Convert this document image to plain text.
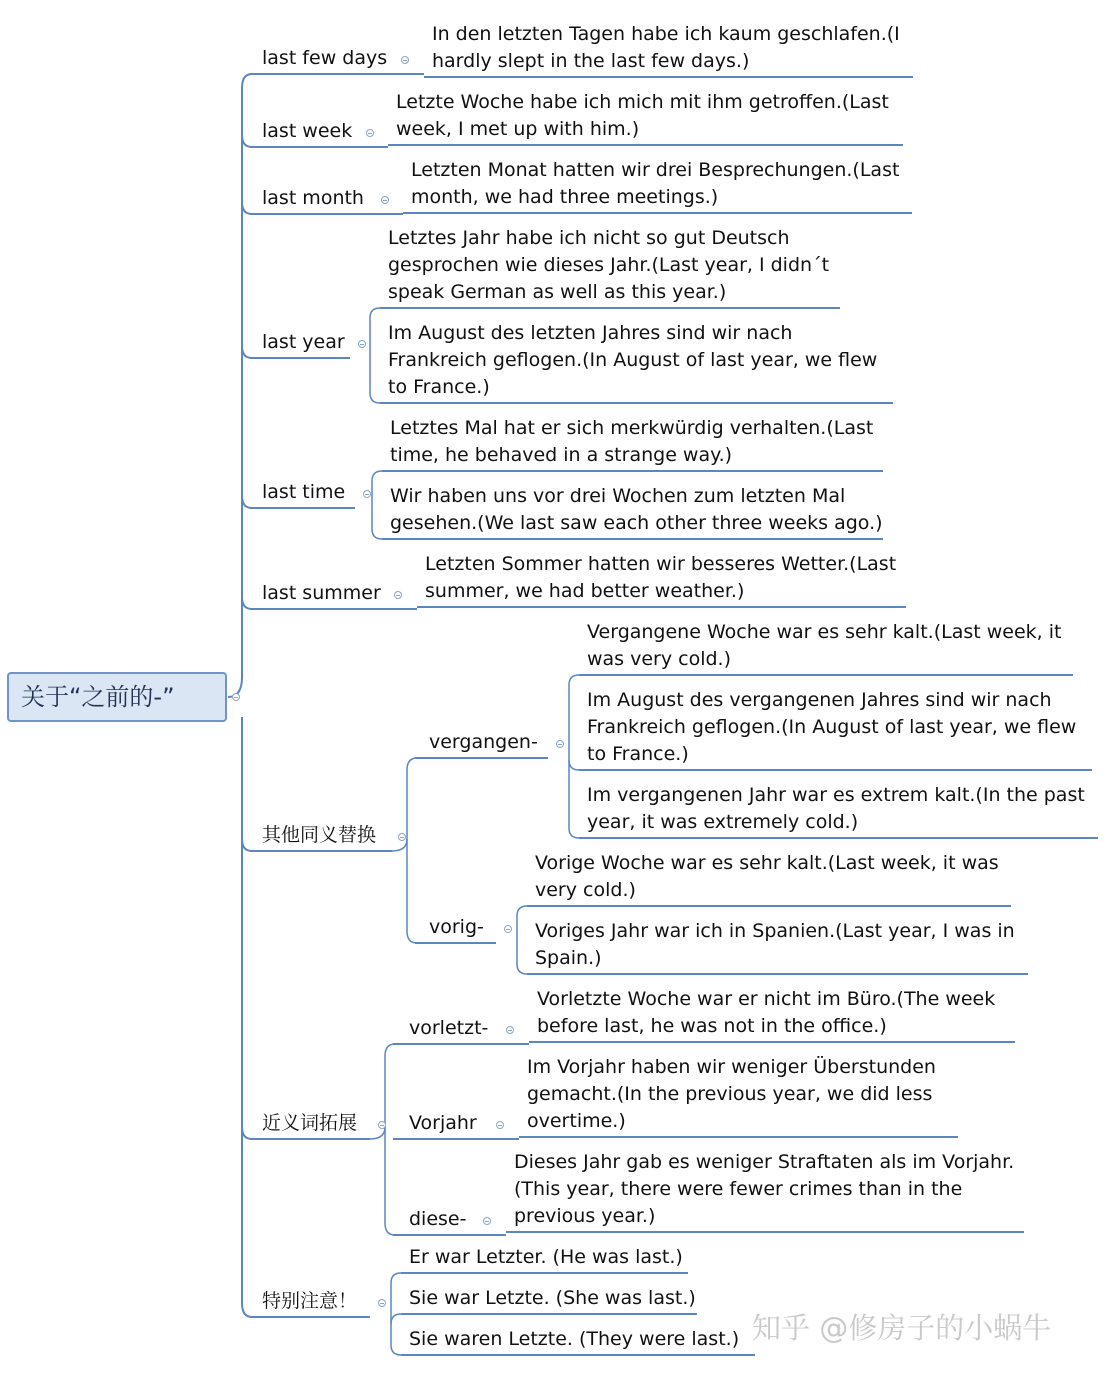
关于“之前的-”
知乎 @修房子的小蜗牛
last few days
In den letzten Tagen habe ich kaum geschlafen.(I
hardly slept in the last few days.)
last week
Letzte Woche habe ich mich mit ihm getroffen.(Last
week, I met up with him.)
last month
Letzten Monat hatten wir drei Besprechungen.(Last
month, we had three meetings.)
last year
Letztes Jahr habe ich nicht so gut Deutsch
gesprochen wie dieses Jahr.(Last year, I didn´t
speak German as well as this year.)
Im August des letzten Jahres sind wir nach
Frankreich geflogen.(In August of last year, we flew
to France.)
last time
Letztes Mal hat er sich merkwürdig verhalten.(Last
time, he behaved in a strange way.)
Wir haben uns vor drei Wochen zum letzten Mal
gesehen.(We last saw each other three weeks ago.)
last summer
Letzten Sommer hatten wir besseres Wetter.(Last
summer, we had better weather.)
其他同义替换
vergangen-
Vergangene Woche war es sehr kalt.(Last week, it
was very cold.)
Im August des vergangenen Jahres sind wir nach
Frankreich geflogen.(In August of last year, we flew
to France.)
Im vergangenen Jahr war es extrem kalt.(In the past
year, it was extremely cold.)
vorig-
Vorige Woche war es sehr kalt.(Last week, it was
very cold.)
Voriges Jahr war ich in Spanien.(Last year, I was in
Spain.)
近义词拓展
vorletzt-
Vorletzte Woche war er nicht im Büro.(The week
before last, he was not in the office.)
Vorjahr
Im Vorjahr haben wir weniger Überstunden
gemacht.(In the previous year, we did less
overtime.)
diese-
Dieses Jahr gab es weniger Straftaten als im Vorjahr.
(This year, there were fewer crimes than in the
previous year.)
特别注意！
Er war Letzter. (He was last.)
Sie war Letzte. (She was last.)
Sie waren Letzte. (They were last.)
